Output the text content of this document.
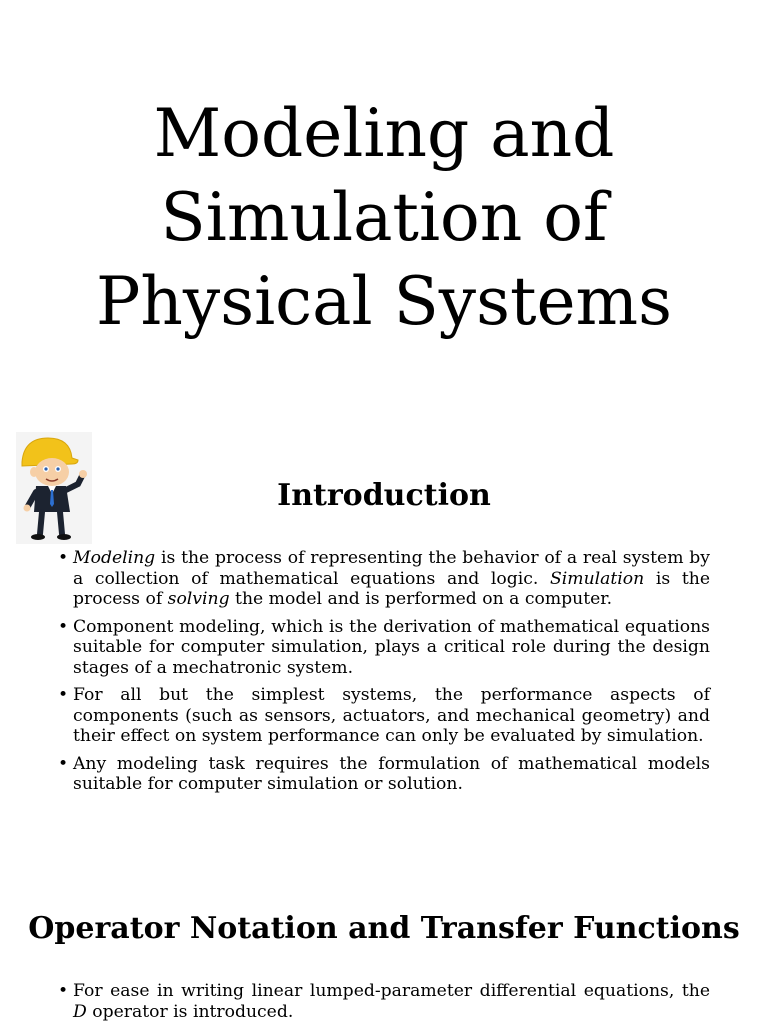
Modeling and Simulation of Physical Systems
Introduction
• Modeling is the process of representing the behavior of a real system by a collection of mathematical equations and logic. Simulation is the process of solving the model and is performed on a computer.
• Component modeling, which is the derivation of mathematical equations suitable for computer simulation, plays a critical role during the design stages of a mechatronic system.
• For all but the simplest systems, the performance aspects of components (such as sensors, actuators, and mechanical geometry) and their effect on system performance can only be evaluated by simulation.
• Any modeling task requires the formulation of mathematical models suitable for computer simulation or solution.
Operator Notation and Transfer Functions
• For ease in writing linear lumped-parameter differential equations, the D operator is introduced.
